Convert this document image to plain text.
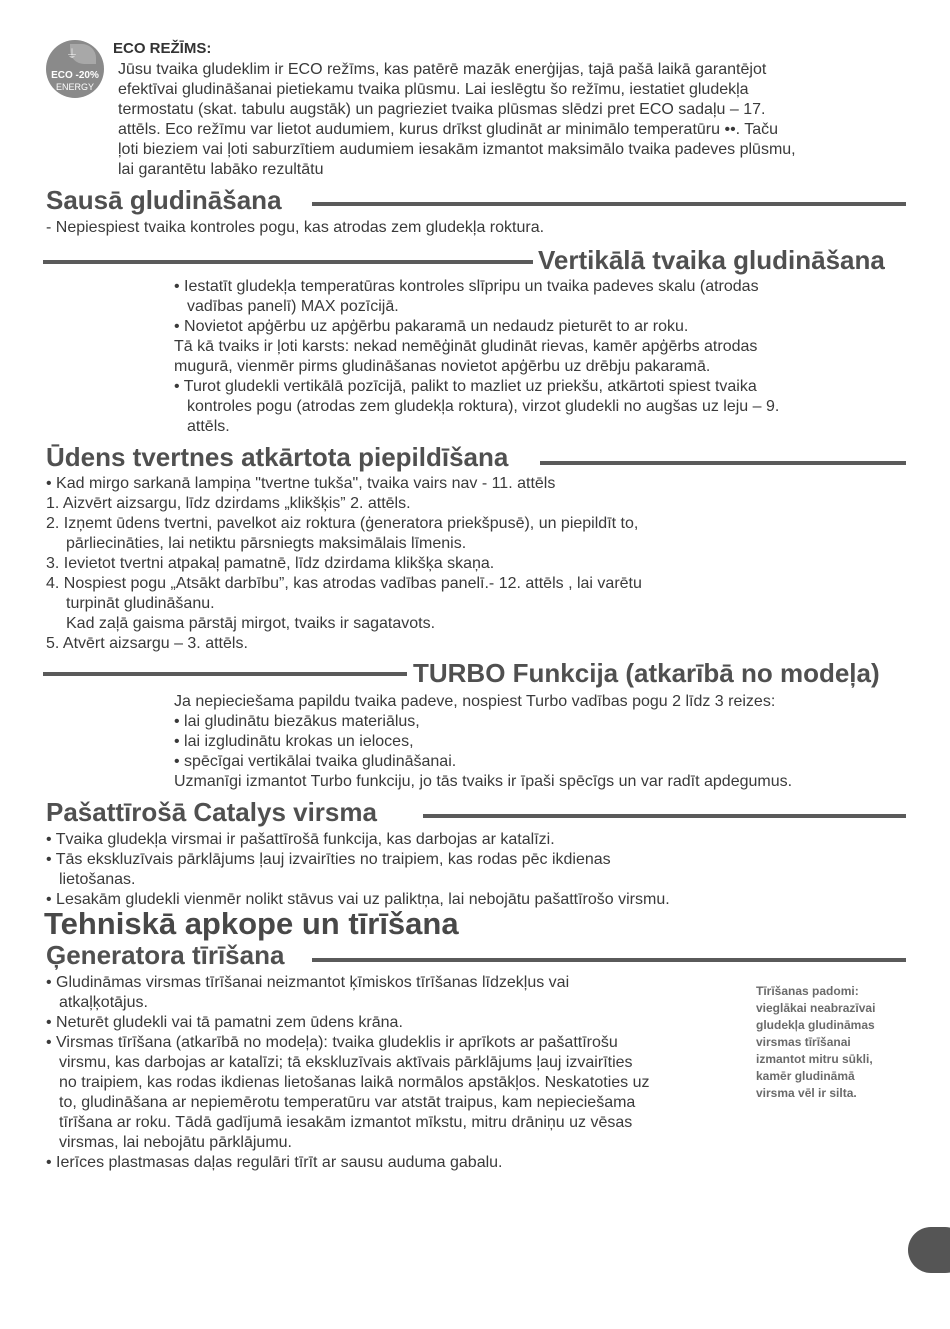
⏚
ECO -20%
ENERGY
ECO REŽĪMS:

Jūsu tvaika gludeklim ir ECO režīms, kas patērē mazāk enerģijas, tajā pašā laikā garantējot

efektīvai gludināšanai pietiekamu tvaika plūsmu. Lai ieslēgtu šo režīmu, iestatiet gludekļa

termostatu (skat. tabulu augstāk) un pagrieziet tvaika plūsmas slēdzi pret ECO sadaļu – 17.

attēls. Eco režīmu var lietot audumiem, kurus drīkst gludināt ar minimālo temperatūru ••. Taču

ļoti bieziem vai ļoti saburzītiem audumiem iesakām izmantot maksimālo tvaika padeves plūsmu,

lai garantētu labāko rezultātu

Sausā gludināšana

- Nepiespiest tvaika kontroles pogu, kas atrodas zem gludekļa roktura.

Vertikālā tvaika gludināšana

• Iestatīt gludekļa temperatūras kontroles slīpripu un tvaika padeves skalu (atrodas

vadības panelī) MAX pozīcijā.

• Novietot apģērbu uz apģērbu pakaramā un nedaudz pieturēt to ar roku.

Tā kā tvaiks ir ļoti karsts: nekad nemēģināt gludināt rievas, kamēr apģērbs atrodas

mugurā, vienmēr pirms gludināšanas novietot apģērbu uz drēbju pakaramā.

• Turot gludekli vertikālā pozīcijā, palikt to mazliet uz priekšu, atkārtoti spiest tvaika

kontroles pogu (atrodas zem gludekļa roktura), virzot gludekli no augšas uz leju – 9.

attēls.

Ūdens tvertnes atkārtota piepildīšana

• Kad mirgo sarkanā lampiņa "tvertne tukša", tvaika vairs nav - 11. attēls

1. Aizvērt aizsargu, līdz dzirdams „klikšķis” 2. attēls.

2. Izņemt ūdens tvertni, pavelkot aiz roktura (ģeneratora priekšpusē), un piepildīt to,

pārliecināties, lai netiktu pārsniegts maksimālais līmenis.

3. Ievietot tvertni atpakaļ pamatnē, līdz dzirdama klikšķa skaņa.

4. Nospiest pogu „Atsākt darbību”, kas atrodas vadības panelī.- 12. attēls , lai varētu

turpināt gludināšanu.

Kad zaļā gaisma pārstāj mirgot, tvaiks ir sagatavots.

5. Atvērt aizsargu – 3. attēls.

TURBO Funkcija (atkarībā no modeļa)

Ja nepieciešama papildu tvaika padeve, nospiest Turbo vadības pogu 2 līdz 3 reizes:

• lai gludinātu biezākus materiālus,

• lai izgludinātu krokas un ieloces,

• spēcīgai vertikālai tvaika gludināšanai.

Uzmanīgi izmantot Turbo funkciju, jo tās tvaiks ir īpaši spēcīgs un var radīt apdegumus.

Pašattīrošā Catalys virsma

• Tvaika gludekļa virsmai ir pašattīrošā funkcija, kas darbojas ar katalīzi.

• Tās ekskluzīvais pārklājums ļauj izvairīties no traipiem, kas rodas pēc ikdienas

lietošanas.

• Lesakām gludekli vienmēr nolikt stāvus vai uz paliktņa, lai nebojātu pašattīrošo virsmu.

Tehniskā apkope un tīrīšana
Ģeneratora tīrīšana

• Gludināmas virsmas tīrīšanai neizmantot ķīmiskos tīrīšanas līdzekļus vai

atkaļķotājus.

• Neturēt gludekli vai tā pamatni zem ūdens krāna.

• Virsmas tīrīšana (atkarībā no modeļa): tvaika gludeklis ir aprīkots ar pašattīrošu

virsmu, kas darbojas ar katalīzi; tā ekskluzīvais aktīvais pārklājums ļauj izvairīties

no traipiem, kas rodas ikdienas lietošanas laikā normālos apstākļos. Neskatoties uz

to, gludināšana ar nepiemērotu temperatūru var atstāt traipus, kam nepieciešama

tīrīšana ar roku. Tādā gadījumā iesakām izmantot mīkstu, mitru drāniņu uz vēsas

virsmas, lai nebojātu pārklājumu.

• Ierīces plastmasas daļas regulāri tīrīt ar sausu auduma gabalu.

Tīrīšanas padomi:

vieglākai neabrazīvai

gludekļa gludināmas

virsmas tīrīšanai

izmantot mitru sūkli,

kamēr gludināmā

virsma vēl ir silta.
